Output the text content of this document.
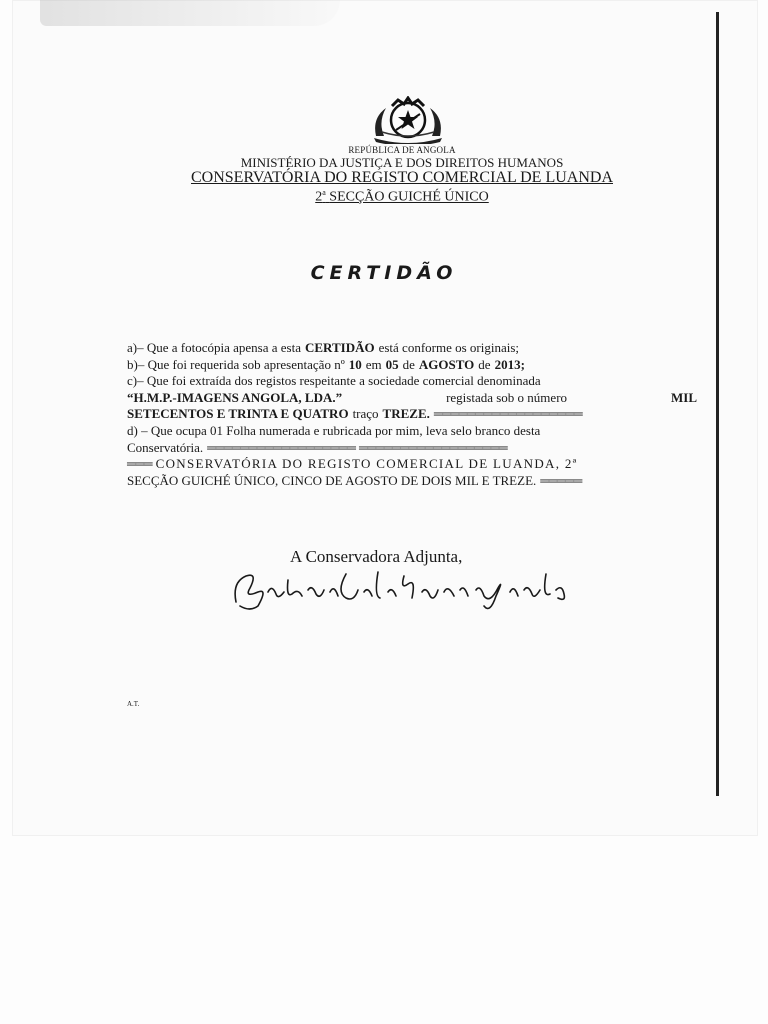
REPÚBLICA DE ANGOLA
MINISTÉRIO DA JUSTIÇA E DOS DIREITOS HUMANOS
CONSERVATÓRIA DO REGISTO COMERCIAL DE LUANDA
2$^a$ SECÇÃO GUICHÉ ÚNICO
CERTIDÃO
a)– Que a fotocópia apensa a esta CERTIDÃO está conforme os originais;
b)– Que foi requerida sob apresentação nº 10 em 05 de AGOSTO de 2013;
c)– Que foi extraída dos registos respeitante a sociedade comercial denominada
“H.M.P.-IMAGENS ANGOLA, LDA.”	registada sob o número	MIL
SETECENTOS E TRINTA E QUATRO traço TREZE. ══════════════════
d) – Que ocupa 01 Folha numerada e rubricada por mim, leva selo branco desta
Conservatória. ══════════════════ ══════════════════
═══ CONSERVATÓRIA DO REGISTO COMERCIAL DE LUANDA, 2ª
SECÇÃO GUICHÉ ÚNICO, CINCO DE AGOSTO DE DOIS MIL E TREZE. ═════
A Conservadora Adjunta,
A.T.
